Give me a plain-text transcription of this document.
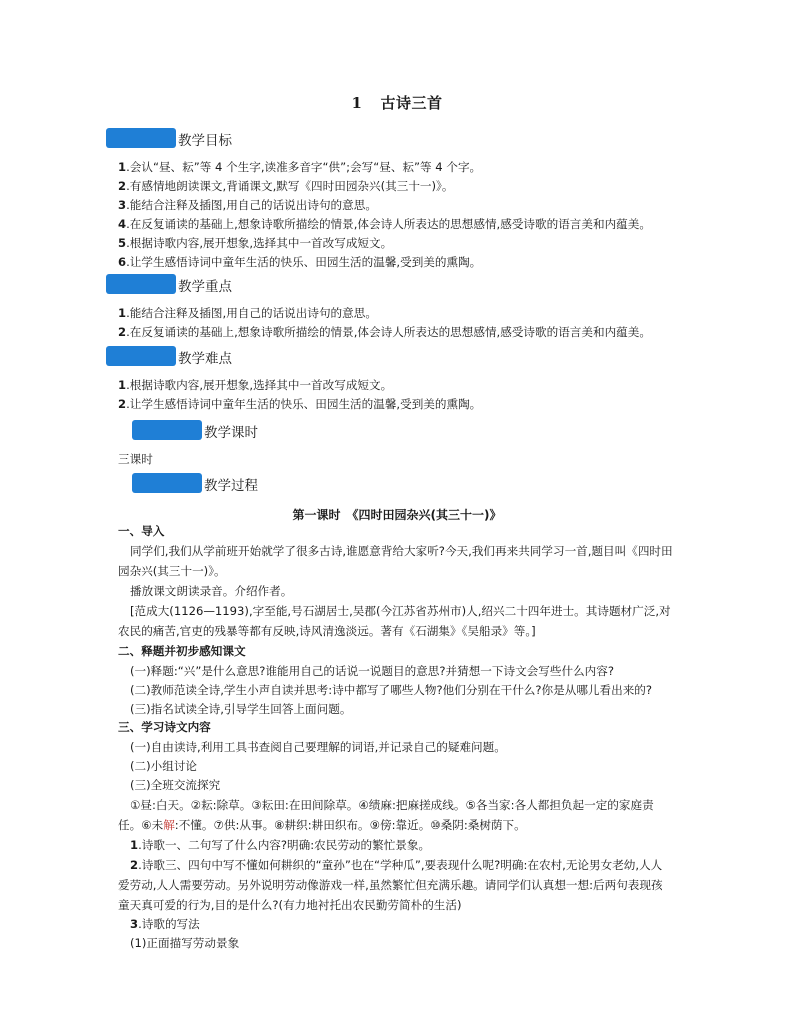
1 古诗三首
教学目标
1.会认“昼、耘”等 4 个生字,读准多音字“供”;会写“昼、耘”等 4 个字。
2.有感情地朗读课文,背诵课文,默写《四时田园杂兴(其三十一)》。
3.能结合注释及插图,用自己的话说出诗句的意思。
4.在反复诵读的基础上,想象诗歌所描绘的情景,体会诗人所表达的思想感情,感受诗歌的语言美和内蕴美。
5.根据诗歌内容,展开想象,选择其中一首改写成短文。
6.让学生感悟诗词中童年生活的快乐、田园生活的温馨,受到美的熏陶。
教学重点
1.能结合注释及插图,用自己的话说出诗句的意思。
2.在反复诵读的基础上,想象诗歌所描绘的情景,体会诗人所表达的思想感情,感受诗歌的语言美和内蕴美。
教学难点
1.根据诗歌内容,展开想象,选择其中一首改写成短文。
2.让学生感悟诗词中童年生活的快乐、田园生活的温馨,受到美的熏陶。
教学课时
三课时
教学过程
第一课时　《四时田园杂兴(其三十一)》
一、导入
同学们,我们从学前班开始就学了很多古诗,谁愿意背给大家听?今天,我们再来共同学习一首,题目叫《四时田园杂兴(其三十一)》。
播放课文朗读录音。介绍作者。
[范成大(1126—1193),字至能,号石湖居士,吴郡(今江苏省苏州市)人,绍兴二十四年进士。其诗题材广泛,对农民的痛苦,官吏的残暴等都有反映,诗风清逸淡远。著有《石湖集》《吴船录》等。]
二、释题并初步感知课文
(一)释题:“兴”是什么意思?谁能用自己的话说一说题目的意思?并猜想一下诗文会写些什么内容?
(二)教师范读全诗,学生小声自读并思考:诗中都写了哪些人物?他们分别在干什么?你是从哪儿看出来的?
(三)指名试读全诗,引导学生回答上面问题。
三、学习诗文内容
(一)自由读诗,利用工具书查阅自己要理解的词语,并记录自己的疑难问题。
(二)小组讨论
(三)全班交流探究
①昼:白天。②耘:除草。③耘田:在田间除草。④绩麻:把麻搓成线。⑤各当家:各人都担负起一定的家庭责任。⑥未解:不懂。⑦供:从事。⑧耕织:耕田织布。⑨傍:靠近。⑩桑阴:桑树荫下。
1.诗歌一、二句写了什么内容?明确:农民劳动的繁忙景象。
2.诗歌三、四句中写不懂如何耕织的“童孙”也在“学种瓜”,要表现什么呢?明确:在农村,无论男女老幼,人人爱劳动,人人需要劳动。另外说明劳动像游戏一样,虽然繁忙但充满乐趣。请同学们认真想一想:后两句表现孩童天真可爱的行为,目的是什么?(有力地衬托出农民勤劳简朴的生活)
3.诗歌的写法
(1)正面描写劳动景象
